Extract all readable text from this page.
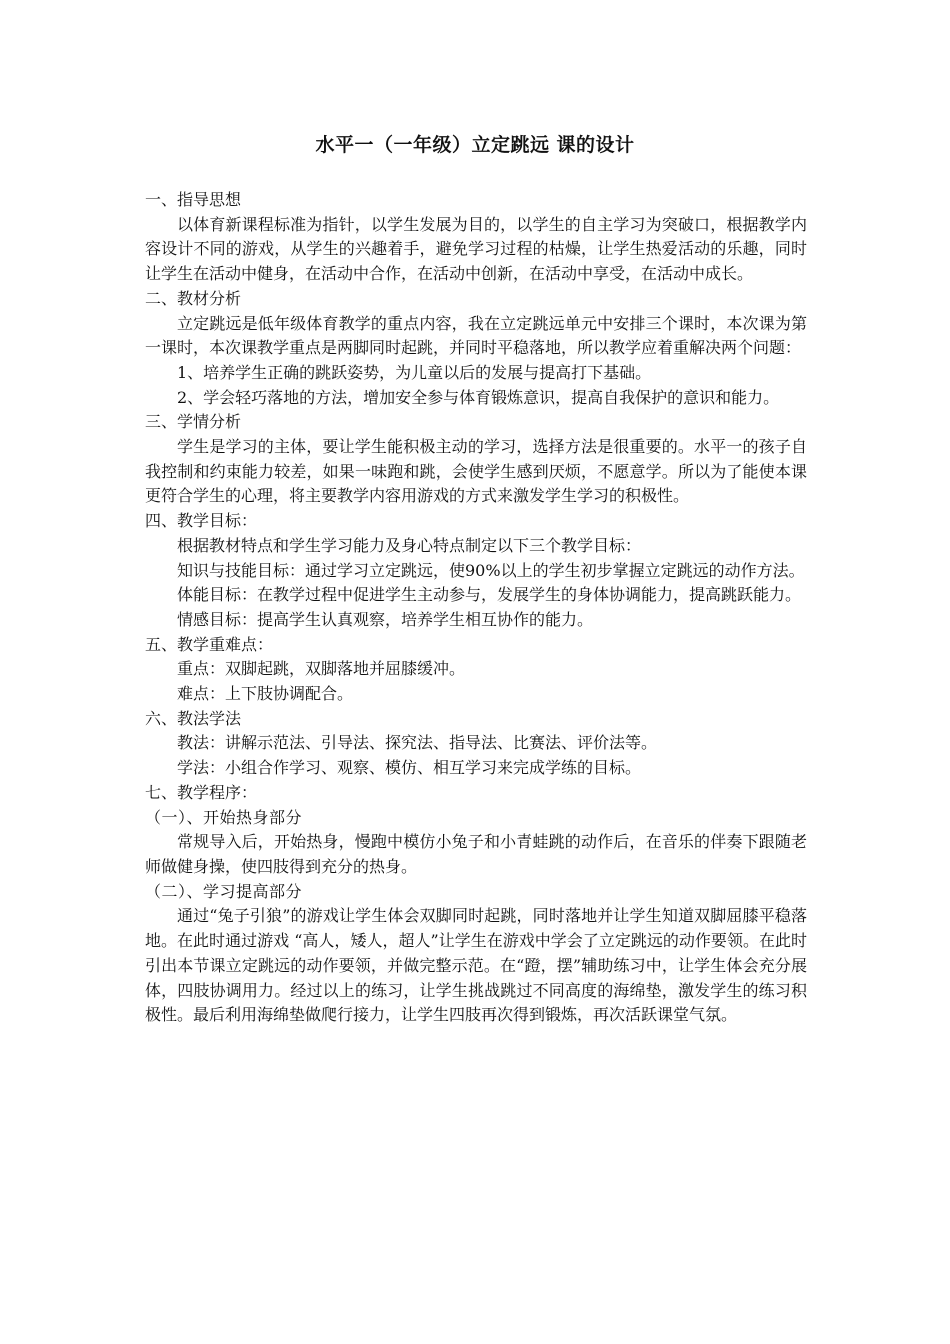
水平一（一年级）立定跳远 课的设计

一、指导思想

以体育新课程标准为指针，以学生发展为目的，以学生的自主学习为突破口，根据教学内容设计不同的游戏，从学生的兴趣着手，避免学习过程的枯燥，让学生热爱活动的乐趣，同时让学生在活动中健身，在活动中合作，在活动中创新，在活动中享受，在活动中成长。

二、教材分析

立定跳远是低年级体育教学的重点内容，我在立定跳远单元中安排三个课时，本次课为第一课时，本次课教学重点是两脚同时起跳，并同时平稳落地，所以教学应着重解决两个问题：

1、培养学生正确的跳跃姿势，为儿童以后的发展与提高打下基础。

2、学会轻巧落地的方法，增加安全参与体育锻炼意识，提高自我保护的意识和能力。

三、学情分析

学生是学习的主体，要让学生能积极主动的学习，选择方法是很重要的。水平一的孩子自我控制和约束能力较差，如果一味跑和跳，会使学生感到厌烦，不愿意学。所以为了能使本课更符合学生的心理，将主要教学内容用游戏的方式来激发学生学习的积极性。

四、教学目标：

根据教材特点和学生学习能力及身心特点制定以下三个教学目标：

知识与技能目标：通过学习立定跳远，使90%以上的学生初步掌握立定跳远的动作方法。

体能目标：在教学过程中促进学生主动参与，发展学生的身体协调能力，提高跳跃能力。

情感目标：提高学生认真观察，培养学生相互协作的能力。

五、教学重难点：

重点：双脚起跳，双脚落地并屈膝缓冲。

难点：上下肢协调配合。

六、教法学法

教法：讲解示范法、引导法、探究法、指导法、比赛法、评价法等。

学法：小组合作学习、观察、模仿、相互学习来完成学练的目标。

七、教学程序：

（一）、开始热身部分

常规导入后，开始热身，慢跑中模仿小兔子和小青蛙跳的动作后，在音乐的伴奏下跟随老师做健身操，使四肢得到充分的热身。

（二）、学习提高部分

通过“兔子引狼”的游戏让学生体会双脚同时起跳，同时落地并让学生知道双脚屈膝平稳落地。在此时通过游戏 “高人，矮人，超人”让学生在游戏中学会了立定跳远的动作要领。在此时引出本节课立定跳远的动作要领，并做完整示范。在“蹬，摆”辅助练习中，让学生体会充分展体，四肢协调用力。经过以上的练习，让学生挑战跳过不同高度的海绵垫，激发学生的练习积极性。最后利用海绵垫做爬行接力，让学生四肢再次得到锻炼，再次活跃课堂气氛。
